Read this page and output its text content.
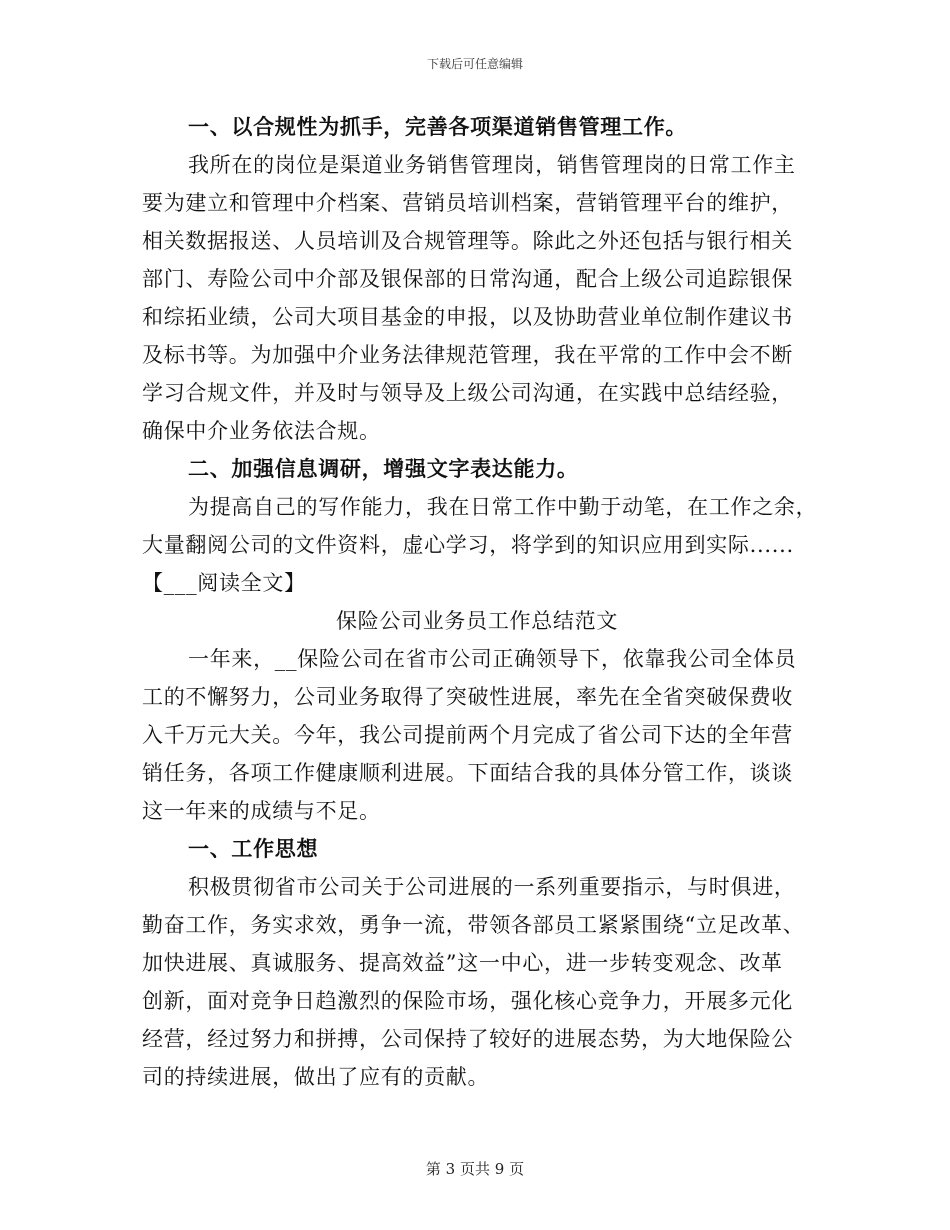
下载后可任意编辑
一、以合规性为抓手，完善各项渠道销售管理工作。
我所在的岗位是渠道业务销售管理岗，销售管理岗的日常工作主
要为建立和管理中介档案、营销员培训档案，营销管理平台的维护，
相关数据报送、人员培训及合规管理等。除此之外还包括与银行相关
部门、寿险公司中介部及银保部的日常沟通，配合上级公司追踪银保
和综拓业绩，公司大项目基金的申报，以及协助营业单位制作建议书
及标书等。为加强中介业务法律规范管理，我在平常的工作中会不断
学习合规文件，并及时与领导及上级公司沟通，在实践中总结经验，
确保中介业务依法合规。
二、加强信息调研，增强文字表达能力。
为提高自己的写作能力，我在日常工作中勤于动笔，在工作之余，
大量翻阅公司的文件资料，虚心学习，将学到的知识应用到实际......
【___阅读全文】
保险公司业务员工作总结范文
一年来，__保险公司在省市公司正确领导下，依靠我公司全体员
工的不懈努力，公司业务取得了突破性进展，率先在全省突破保费收
入千万元大关。今年，我公司提前两个月完成了省公司下达的全年营
销任务，各项工作健康顺利进展。下面结合我的具体分管工作，谈谈
这一年来的成绩与不足。
一、工作思想
积极贯彻省市公司关于公司进展的一系列重要指示，与时俱进，
勤奋工作，务实求效，勇争一流，带领各部员工紧紧围绕“立足改革、
加快进展、真诚服务、提高效益”这一中心，进一步转变观念、改革
创新，面对竞争日趋激烈的保险市场，强化核心竞争力，开展多元化
经营，经过努力和拼搏，公司保持了较好的进展态势，为大地保险公
司的持续进展，做出了应有的贡献。
第 3 页共 9 页
